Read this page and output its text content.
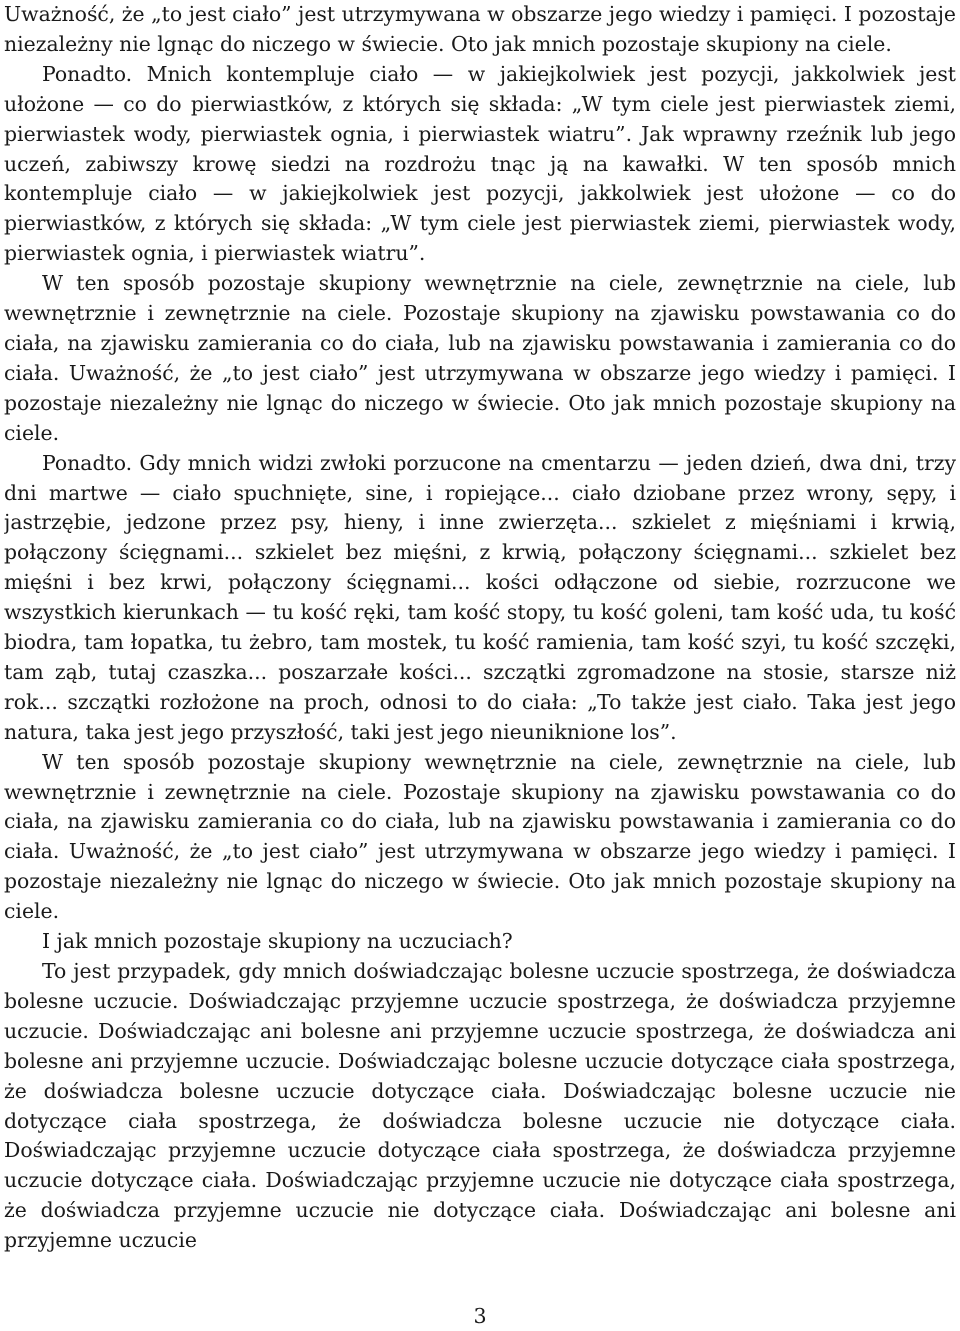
Uważność, że „to jest ciało” jest utrzymywana w obszarze jego wiedzy i pamięci. I pozostaje niezależny nie lgnąc do niczego w świecie. Oto jak mnich pozostaje skupiony na ciele.

Ponadto. Mnich kontempluje ciało — w jakiejkolwiek jest pozycji, jakkolwiek jest ułożone — co do pierwiastków, z których się składa: „W tym ciele jest pierwiastek ziemi, pierwiastek wody, pierwiastek ognia, i pierwiastek wiatru”. Jak wprawny rzeźnik lub jego uczeń, zabiwszy krowę siedzi na rozdrożu tnąc ją na kawałki. W ten sposób mnich kontempluje ciało — w jakiejkolwiek jest pozycji, jakkolwiek jest ułożone — co do pierwiastków, z których się składa: „W tym ciele jest pierwiastek ziemi, pierwiastek wody, pierwiastek ognia, i pierwiastek wiatru”.

W ten sposób pozostaje skupiony wewnętrznie na ciele, zewnętrznie na ciele, lub wewnętrznie i zewnętrznie na ciele. Pozostaje skupiony na zjawisku powstawania co do ciała, na zjawisku zamierania co do ciała, lub na zjawisku powstawania i zamierania co do ciała. Uważność, że „to jest ciało” jest utrzymywana w obszarze jego wiedzy i pamięci. I pozostaje niezależny nie lgnąc do niczego w świecie. Oto jak mnich pozostaje skupiony na ciele.

Ponadto. Gdy mnich widzi zwłoki porzucone na cmentarzu — jeden dzień, dwa dni, trzy dni martwe — ciało spuchnięte, sine, i ropiejące... ciało dziobane przez wrony, sępy, i jastrzębie, jedzone przez psy, hieny, i inne zwierzęta... szkielet z mięśniami i krwią, połączony ścięgnami... szkielet bez mięśni, z krwią, połączony ścięgnami... szkielet bez mięśni i bez krwi, połączony ścięgnami... kości odłączone od siebie, rozrzucone we wszystkich kierunkach — tu kość ręki, tam kość stopy, tu kość goleni, tam kość uda, tu kość biodra, tam łopatka, tu żebro, tam mostek, tu kość ramienia, tam kość szyi, tu kość szczęki, tam ząb, tutaj czaszka... poszarzałe kości... szczątki zgromadzone na stosie, starsze niż rok... szczątki rozłożone na proch, odnosi to do ciała: „To także jest ciało. Taka jest jego natura, taka jest jego przyszłość, taki jest jego nieuniknione los”.

W ten sposób pozostaje skupiony wewnętrznie na ciele, zewnętrznie na ciele, lub wewnętrznie i zewnętrznie na ciele. Pozostaje skupiony na zjawisku powstawania co do ciała, na zjawisku zamierania co do ciała, lub na zjawisku powstawania i zamierania co do ciała. Uważność, że „to jest ciało” jest utrzymywana w obszarze jego wiedzy i pamięci. I pozostaje niezależny nie lgnąc do niczego w świecie. Oto jak mnich pozostaje skupiony na ciele.

I jak mnich pozostaje skupiony na uczuciach?

To jest przypadek, gdy mnich doświadczając bolesne uczucie spostrzega, że doświadcza bolesne uczucie. Doświadczając przyjemne uczucie spostrzega, że doświadcza przyjemne uczucie. Doświadczając ani bolesne ani przyjemne uczucie spostrzega, że doświadcza ani bolesne ani przyjemne uczucie. Doświadczając bolesne uczucie dotyczące ciała spostrzega, że doświadcza bolesne uczucie dotyczące ciała. Doświadczając bolesne uczucie nie dotyczące ciała spostrzega, że doświadcza bolesne uczucie nie dotyczące ciała. Doświadczając przyjemne uczucie dotyczące ciała spostrzega, że doświadcza przyjemne uczucie dotyczące ciała. Doświadczając przyjemne uczucie nie dotyczące ciała spostrzega, że doświadcza przyjemne uczucie nie dotyczące ciała. Doświadczając ani bolesne ani przyjemne uczucie

3
